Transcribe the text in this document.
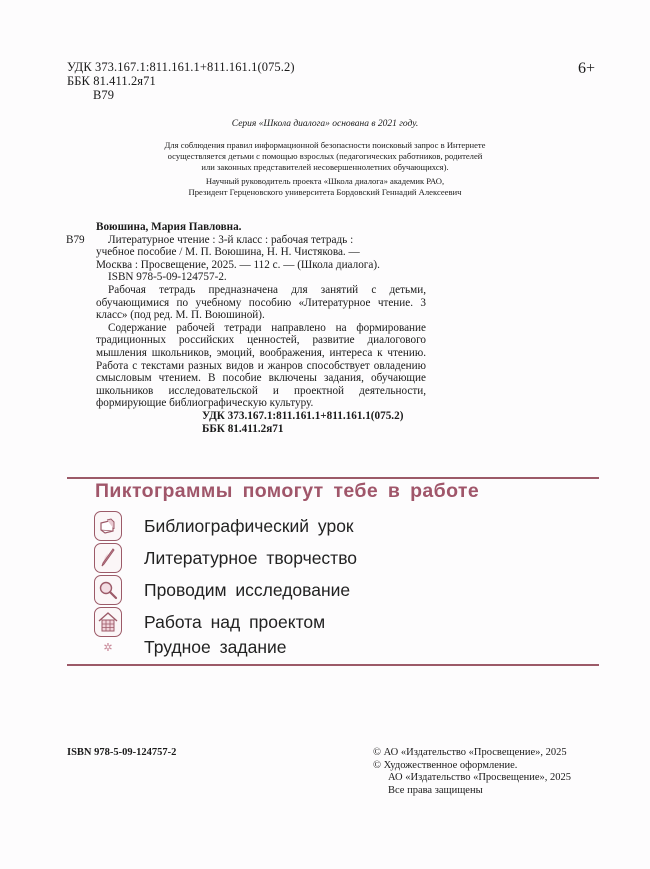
УДК 373.167.1:811.161.1+811.161.1(075.2)
ББК 81.411.2я71
В79
6+
Серия «Школа диалога» основана в 2021 году.
Для соблюдения правил информационной безопасности поисковый запрос в Интернете
осуществляется детьми с помощью взрослых (педагогических работников, родителей
или законных представителей несовершеннолетних обучающихся).
Научный руководитель проекта «Школа диалога» академик РАО,
Президент Герценовского университета Бордовский Геннадий Алексеевич
Воюшина, Мария Павловна.
В79	Литературное чтение : 3-й класс : рабочая тетрадь :
учебное пособие / М. П. Воюшина, Н. Н. Чистякова. —
Москва : Просвещение, 2025. — 112 с. — (Школа диалога).
ISBN 978-5-09-124757-2.
Рабочая тетрадь предназначена для занятий с детьми, обучающимися по учебному пособию «Литературное чтение. 3 класс» (под ред. М. П. Воюшиной).
Содержание рабочей тетради направлено на формирование традиционных российских ценностей, развитие диалогового мышления школьников, эмоций, воображения, интереса к чтению. Работа с текстами разных видов и жанров способствует овладению смысловым чтением. В пособие включены задания, обучающие школьников исследовательской и проектной деятельности, формирующие библиографическую культуру.
УДК 373.167.1:811.161.1+811.161.1(075.2)
ББК 81.411.2я71
Пиктограммы помогут тебе в работе
Библиографический урок
Литературное творчество
Проводим исследование
Работа над проектом
✲	Трудное задание
ISBN 978-5-09-124757-2	© АО «Издательство «Просвещение», 2025
© Художественное оформление.
АО «Издательство «Просвещение», 2025
Все права защищены
